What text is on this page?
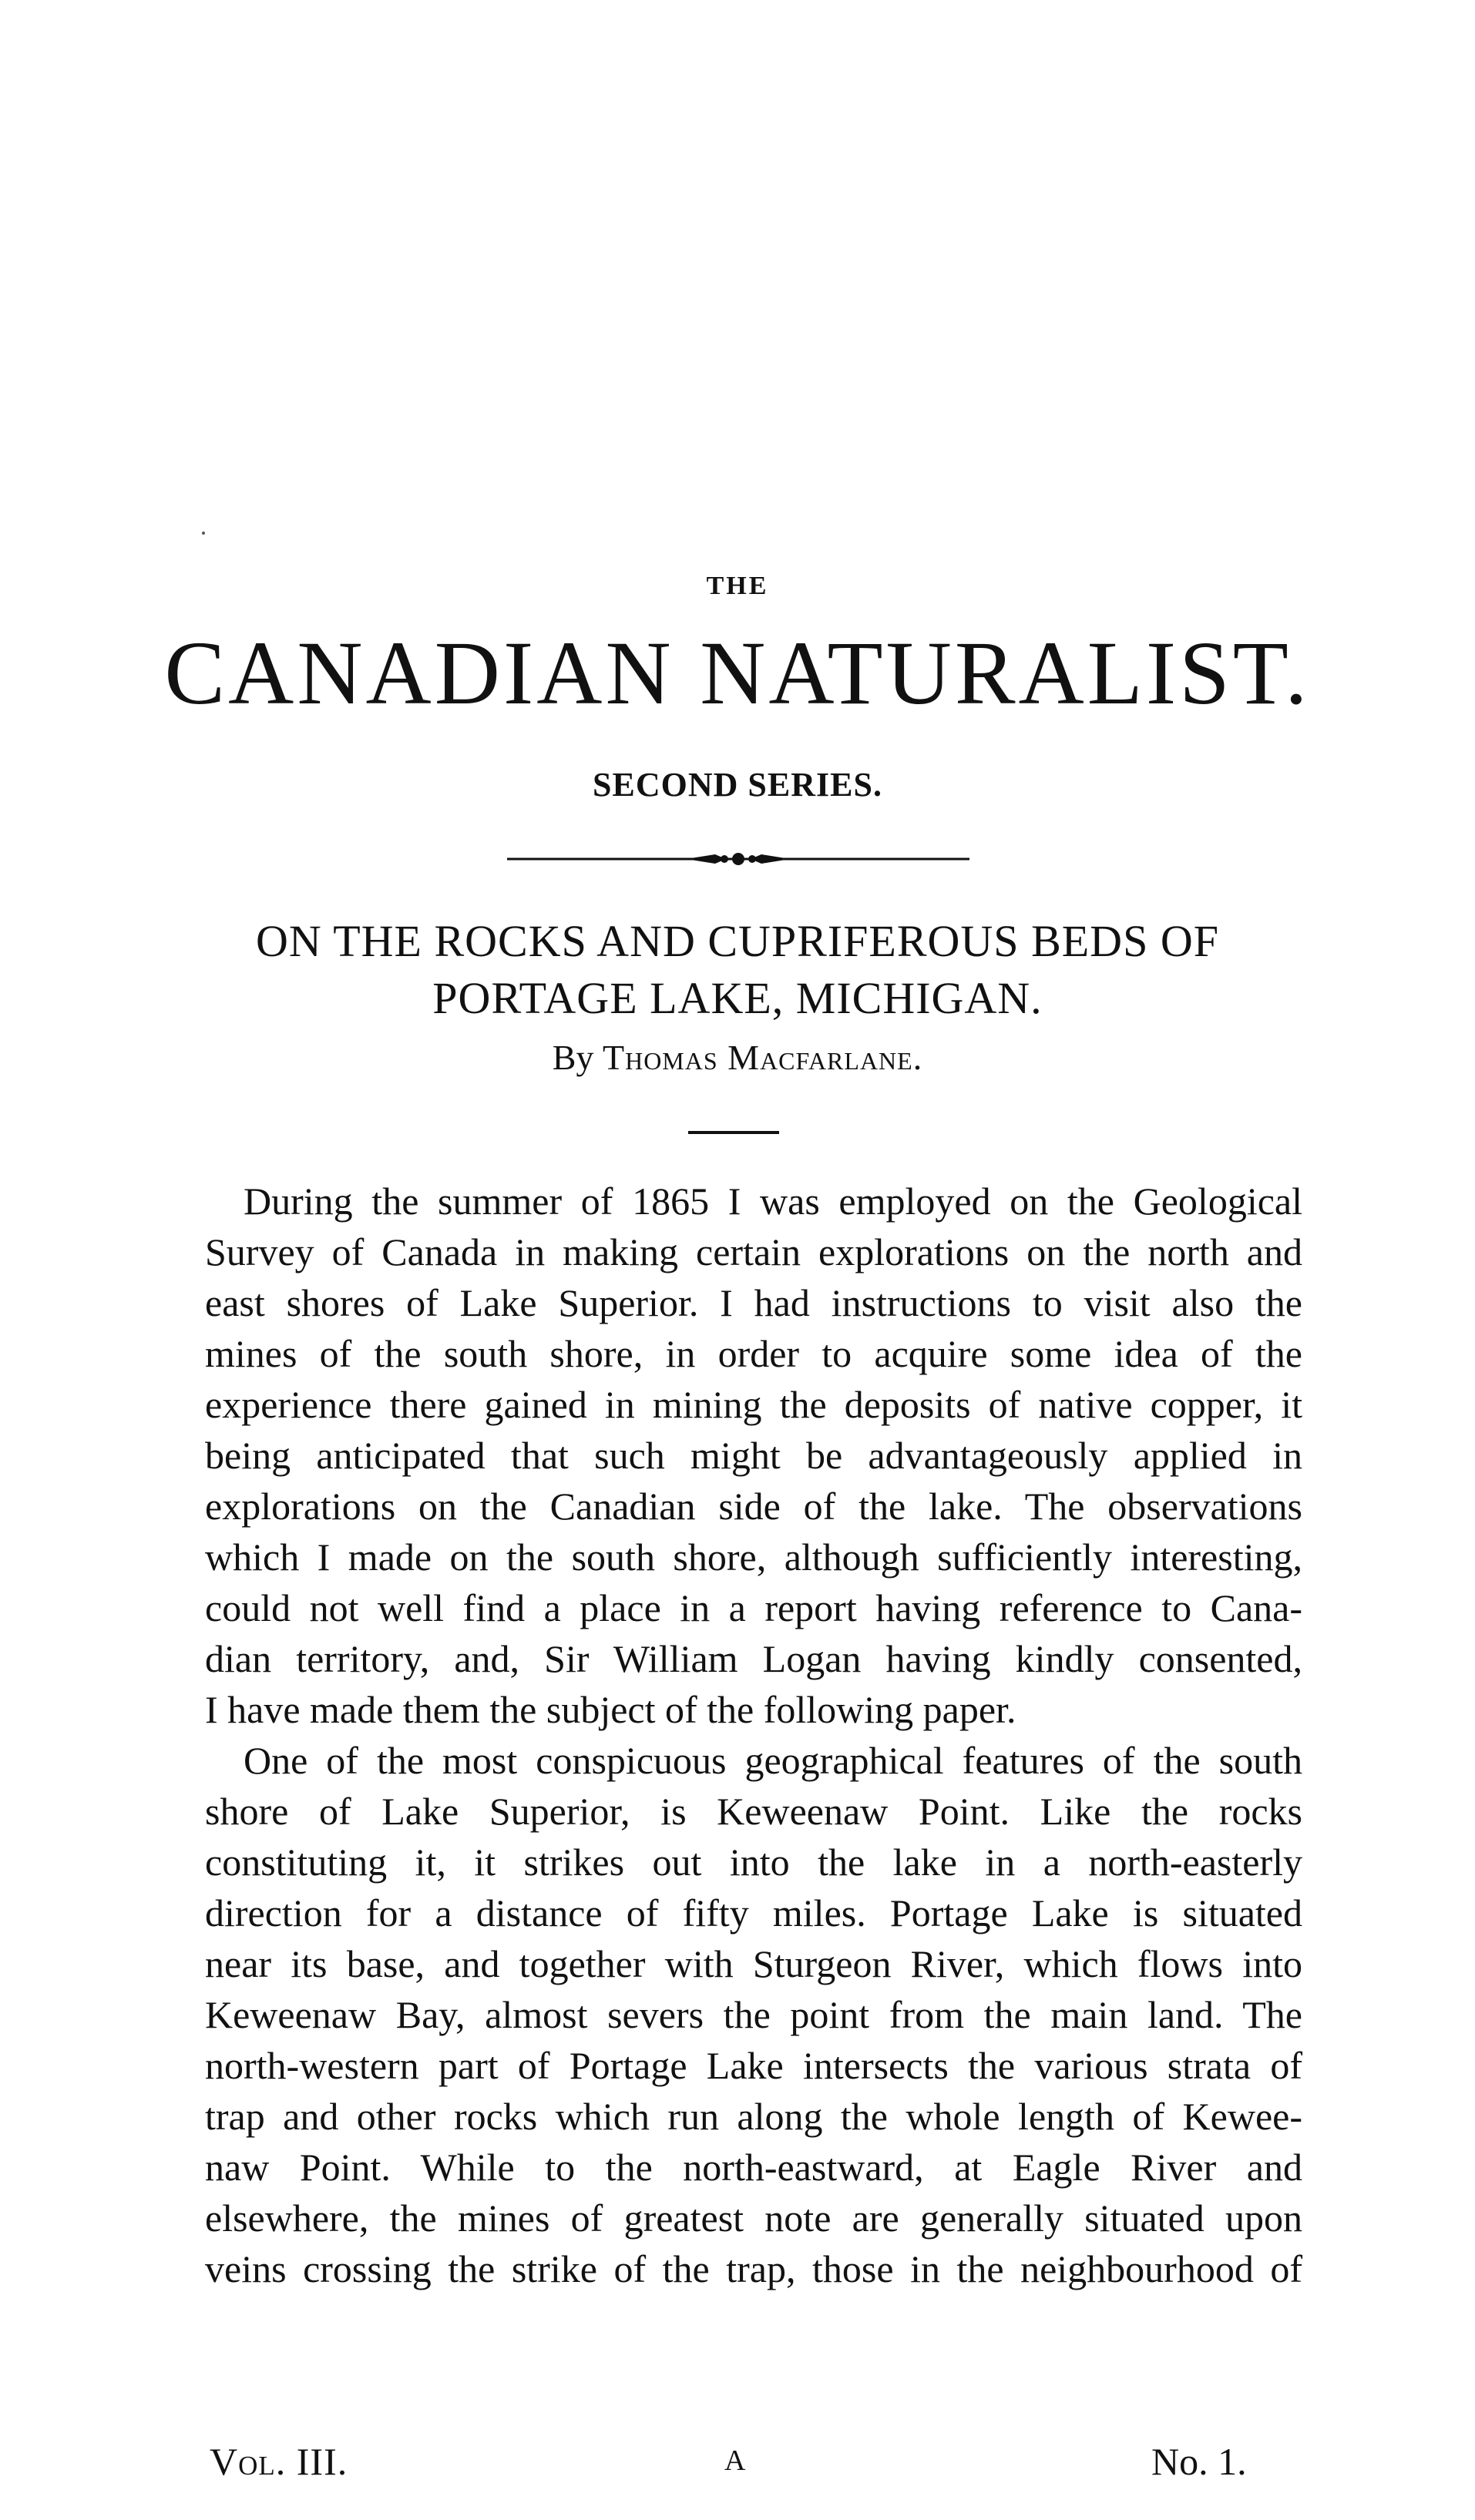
THE
CANADIAN NATURALIST.
SECOND SERIES.
ON THE ROCKS AND CUPRIFEROUS BEDS OF
PORTAGE LAKE, MICHIGAN.
By Thomas Macfarlane.
During the summer of 1865 I was employed on the Geological
Survey of Canada in making certain explorations on the north and
east shores of Lake Superior. I had instructions to visit also the
mines of the south shore, in order to acquire some idea of the
experience there gained in mining the deposits of native copper, it
being anticipated that such might be advantageously applied in
explorations on the Canadian side of the lake. The observations
which I made on the south shore, although sufficiently interesting,
could not well find a place in a report having reference to Cana-
dian territory, and, Sir William Logan having kindly consented,
I have made them the subject of the following paper.
One of the most conspicuous geographical features of the south
shore of Lake Superior, is Keweenaw Point. Like the rocks
constituting it, it strikes out into the lake in a north-easterly
direction for a distance of fifty miles. Portage Lake is situated
near its base, and together with Sturgeon River, which flows into
Keweenaw Bay, almost severs the point from the main land. The
north-western part of Portage Lake intersects the various strata of
trap and other rocks which run along the whole length of Kewee-
naw Point. While to the north-eastward, at Eagle River and
elsewhere, the mines of greatest note are generally situated upon
veins crossing the strike of the trap, those in the neighbourhood of
Vol. III.	A	No. 1.
